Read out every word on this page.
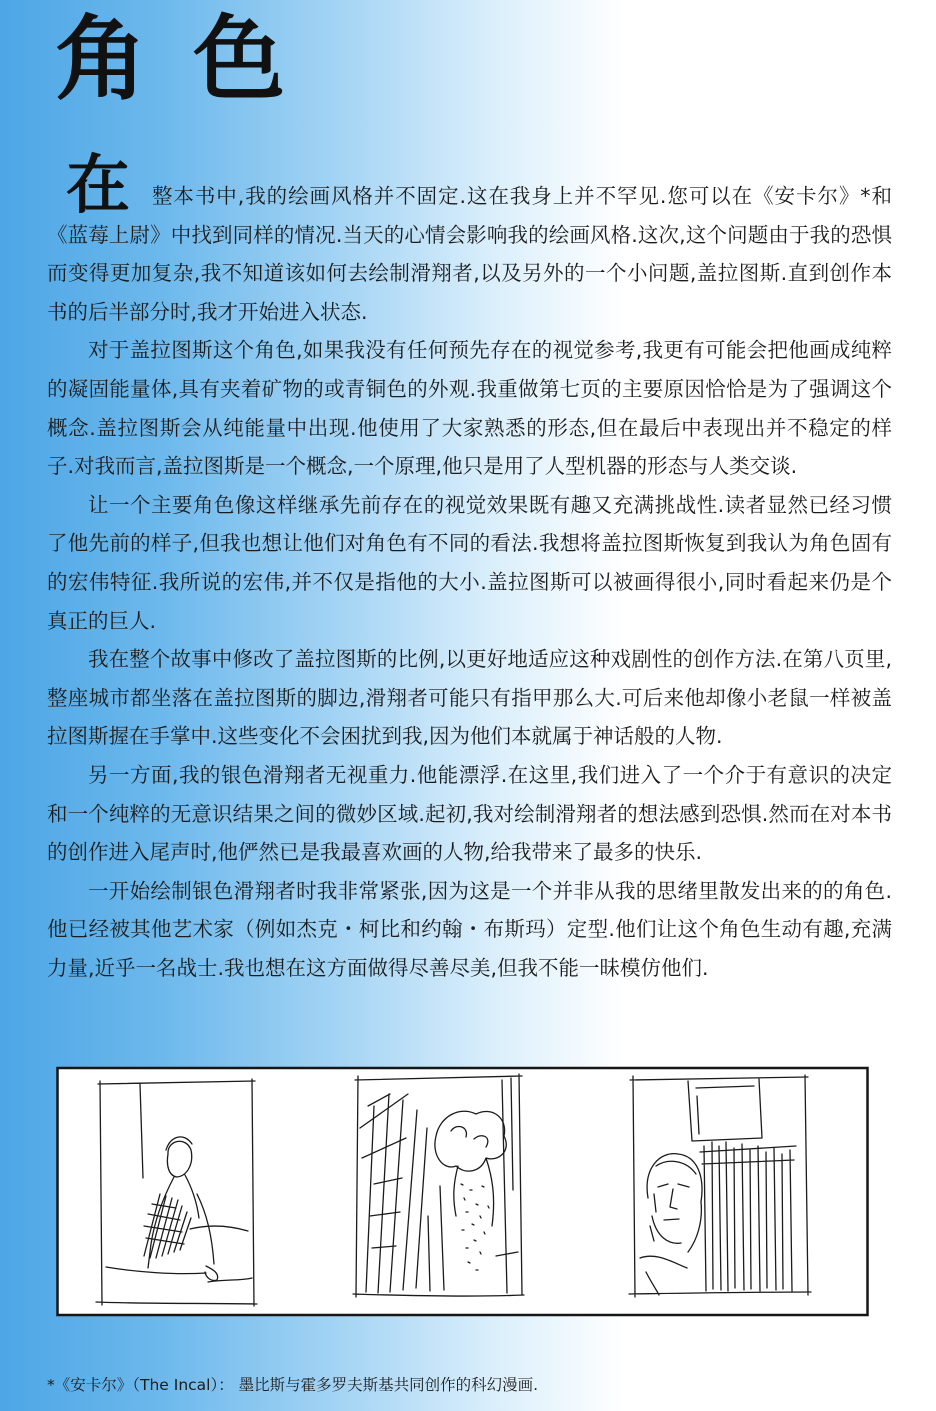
角色
在	整本书中,我的绘画风格并不固定.这在我身上并不罕见.您可以在《安卡尔》*和《蓝莓上尉》中找到同样的情况.当天的心情会影响我的绘画风格.这次,这个问题由于我的恐惧而变得更加复杂,我不知道该如何去绘制滑翔者,以及另外的一个小问题,盖拉图斯.直到创作本书的后半部分时,我才开始进入状态.

对于盖拉图斯这个角色,如果我没有任何预先存在的视觉参考,我更有可能会把他画成纯粹的凝固能量体,具有夹着矿物的或青铜色的外观.我重做第七页的主要原因恰恰是为了强调这个概念.盖拉图斯会从纯能量中出现.他使用了大家熟悉的形态,但在最后中表现出并不稳定的样子.对我而言,盖拉图斯是一个概念,一个原理,他只是用了人型机器的形态与人类交谈.

让一个主要角色像这样继承先前存在的视觉效果既有趣又充满挑战性.读者显然已经习惯了他先前的样子,但我也想让他们对角色有不同的看法.我想将盖拉图斯恢复到我认为角色固有的宏伟特征.我所说的宏伟,并不仅是指他的大小.盖拉图斯可以被画得很小,同时看起来仍是个真正的巨人.

我在整个故事中修改了盖拉图斯的比例,以更好地适应这种戏剧性的创作方法.在第八页里,整座城市都坐落在盖拉图斯的脚边,滑翔者可能只有指甲那么大.可后来他却像小老鼠一样被盖拉图斯握在手掌中.这些变化不会困扰到我,因为他们本就属于神话般的人物.

另一方面,我的银色滑翔者无视重力.他能漂浮.在这里,我们进入了一个介于有意识的决定和一个纯粹的无意识结果之间的微妙区域.起初,我对绘制滑翔者的想法感到恐惧.然而在对本书的创作进入尾声时,他俨然已是我最喜欢画的人物,给我带来了最多的快乐.

一开始绘制银色滑翔者时我非常紧张,因为这是一个并非从我的思绪里散发出来的的角色.他已经被其他艺术家（例如杰克・柯比和约翰・布斯玛）定型.他们让这个角色生动有趣,充满力量,近乎一名战士.我也想在这方面做得尽善尽美,但我不能一昧模仿他们.

*《安卡尔》（The Incal）： 墨比斯与霍多罗夫斯基共同创作的科幻漫画.
